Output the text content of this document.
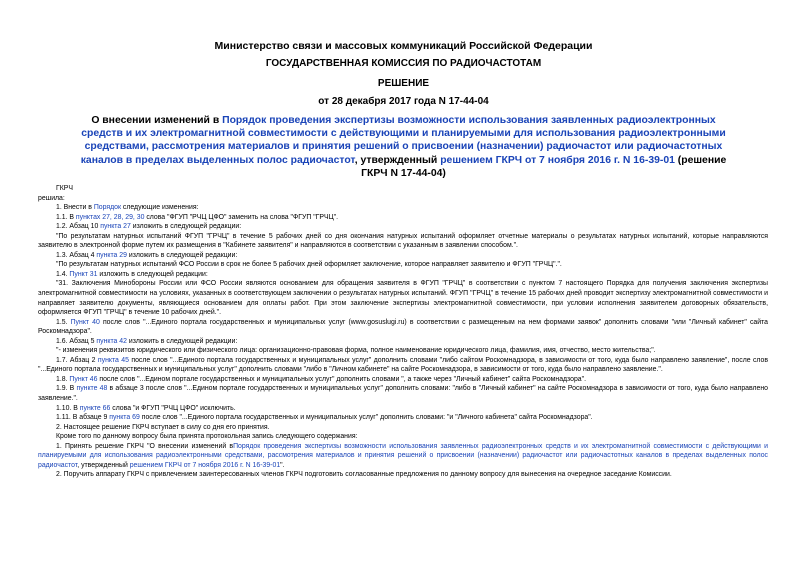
Министерство связи и массовых коммуникаций Российской Федерации
ГОСУДАРСТВЕННАЯ КОМИССИЯ ПО РАДИОЧАСТОТАМ
РЕШЕНИЕ
от 28 декабря 2017 года N 17-44-04
О внесении изменений в Порядок проведения экспертизы возможности использования заявленных радиоэлектронных средств и их электромагнитной совместимости с действующими и планируемыми для использования радиоэлектронными средствами, рассмотрения материалов и принятия решений о присвоении (назначении) радиочастот или радиочастотных каналов в пределах выделенных полос радиочастот, утвержденный решением ГКРЧ от 7 ноября 2016 г. N 16-39-01 (решение ГКРЧ N 17-44-04)

ГКРЧ

решила:

1. Внести в Порядок следующие изменения:

1.1. В пунктах 27, 28, 29, 30 слова "ФГУП "РЧЦ ЦФО" заменить на слова "ФГУП "ГРЧЦ".

1.2. Абзац 10 пункта 27 изложить в следующей редакции:

"По результатам натурных испытаний ФГУП "ГРЧЦ" в течение 5 рабочих дней со дня окончания натурных испытаний оформляет отчетные материалы о результатах натурных испытаний, которые направляются заявителю в электронной форме путем их размещения в "Кабинете заявителя" и направляются в соответствии с указанным в заявлении способом.".

1.3. Абзац 4 пункта 29 изложить в следующей редакции:

"По результатам натурных испытаний ФСО России в срок не более 5 рабочих дней оформляет заключение, которое направляет заявителю и ФГУП "ГРЧЦ".".

1.4. Пункт 31 изложить в следующей редакции:

"31. Заключения Минобороны России или ФСО России являются основанием для обращения заявителя в ФГУП "ГРЧЦ" в соответствии с пунктом 7 настоящего Порядка для получения заключения экспертизы электромагнитной совместимости на условиях, указанных в соответствующем заключении о результатах натурных испытаний. ФГУП "ГРЧЦ" в течение 15 рабочих дней проводит экспертизу электромагнитной совместимости и направляет заявителю документы, являющиеся основанием для оплаты работ. При этом заключение экспертизы электромагнитной совместимости, при условии исполнения заявителем договорных обязательств, оформляется ФГУП "ГРЧЦ" в течение 10 рабочих дней.".

1.5. Пункт 40 после слов "...Единого портала государственных и муниципальных услуг (www.gosuslugi.ru) в соответствии с размещенным на нем формами заявок" дополнить словами "или "Личный кабинет" сайта Роскомнадзора".

1.6. Абзац 5 пункта 42 изложить в следующей редакции:

"- изменения реквизитов юридического или физического лица: организационно-правовая форма, полное наименование юридического лица, фамилия, имя, отчество, место жительства;".

1.7. Абзац 2 пункта 45 после слов "...Единого портала государственных и муниципальных услуг" дополнить словами "либо сайтом Роскомнадзора, в зависимости от того, куда было направлено заявление", после слов "...Единого портала государственных и муниципальных услуг" дополнить словами "либо в "Личном кабинете" на сайте Роскомнадзора, в зависимости от того, куда было направлено заявление.".

1.8. Пункт 46 после слов "...Едином портале государственных и муниципальных услуг" дополнить словами ", а также через "Личный кабинет" сайта Роскомнадзора".

1.9. В пункте 48 в абзаце 3 после слов "...Едином портале государственных и муниципальных услуг" дополнить словами: "либо в "Личный кабинет" на сайте Роскомнадзора в зависимости от того, куда было направлено заявление.".

1.10. В пункте 66 слова "и ФГУП "РЧЦ ЦФО" исключить.

1.11. В абзаце 9 пункта 69 после слов "...Единого портала государственных и муниципальных услуг" дополнить словами: "и "Личного кабинета" сайта Роскомнадзора".

2. Настоящее решение ГКРЧ вступает в силу со дня его принятия.

Кроме того по данному вопросу была принята протокольная запись следующего содержания:

1. Принять решение ГКРЧ "О внесении изменений вПорядок проведения экспертизы возможности использования заявленных радиоэлектронных средств и их электромагнитной совместимости с действующими и планируемыми для использования радиоэлектронными средствами, рассмотрения материалов и принятия решений о присвоении (назначении) радиочастот или радиочастотных каналов в пределах выделенных полос радиочастот, утвержденный решением ГКРЧ от 7 ноября 2016 г. N 16-39-01".

2. Поручить аппарату ГКРЧ с привлечением заинтересованных членов ГКРЧ подготовить согласованные предложения по данному вопросу для вынесения на очередное заседание Комиссии.
